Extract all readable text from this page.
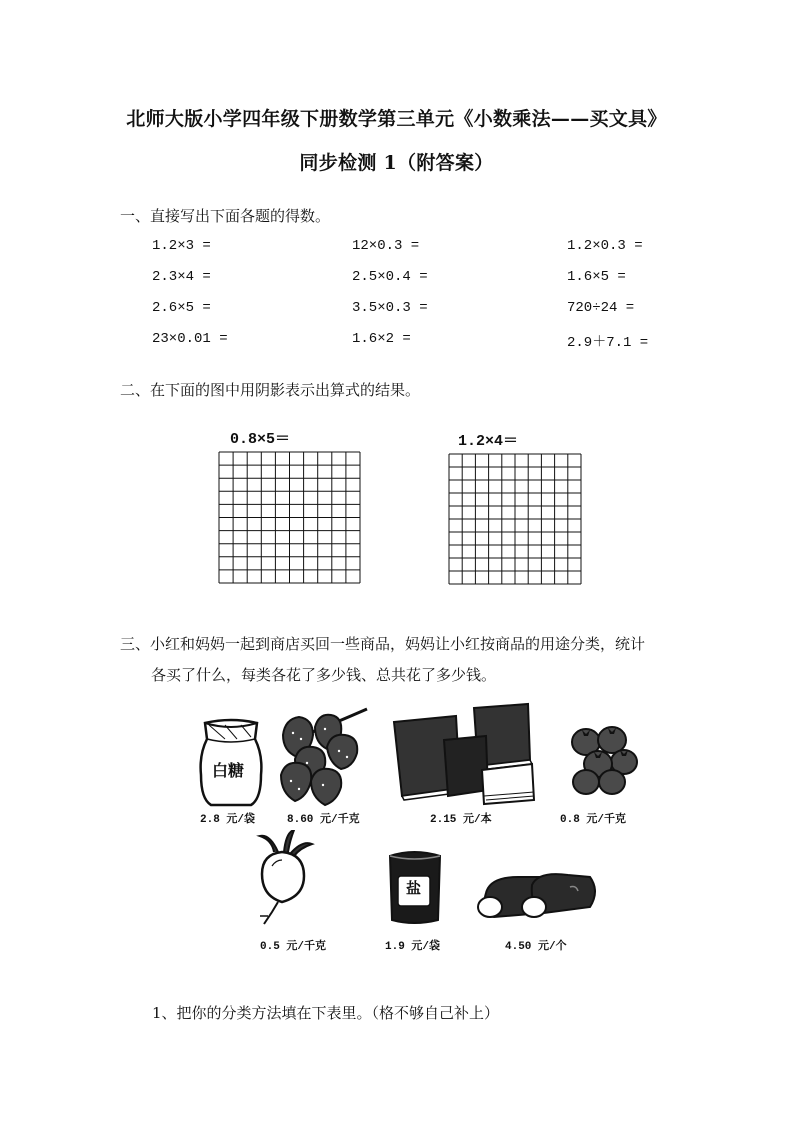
北师大版小学四年级下册数学第三单元《小数乘法——买文具》
同步检测 1（附答案）
一、直接写出下面各题的得数。
1.2×3 =	12×0.3 =	1.2×0.3 =
2.3×4 =	2.5×0.4 =	1.6×5 =
2.6×5 =	3.5×0.3 =	720÷24 =
23×0.01 =	1.6×2 =	2.9＋7.1 =
二、在下面的图中用阴影表示出算式的结果。
0.8×5＝	1.2×4＝
三、小红和妈妈一起到商店买回一些商品，妈妈让小红按商品的用途分类，统计
各买了什么，每类各花了多少钱、总共花了多少钱。
白糖
2.8 元/袋	8.60 元/千克	2.15 元/本	0.8 元/千克
盐
0.5 元/千克	1.9 元/袋	4.50 元/个
1、把你的分类方法填在下表里。（格不够自己补上）
